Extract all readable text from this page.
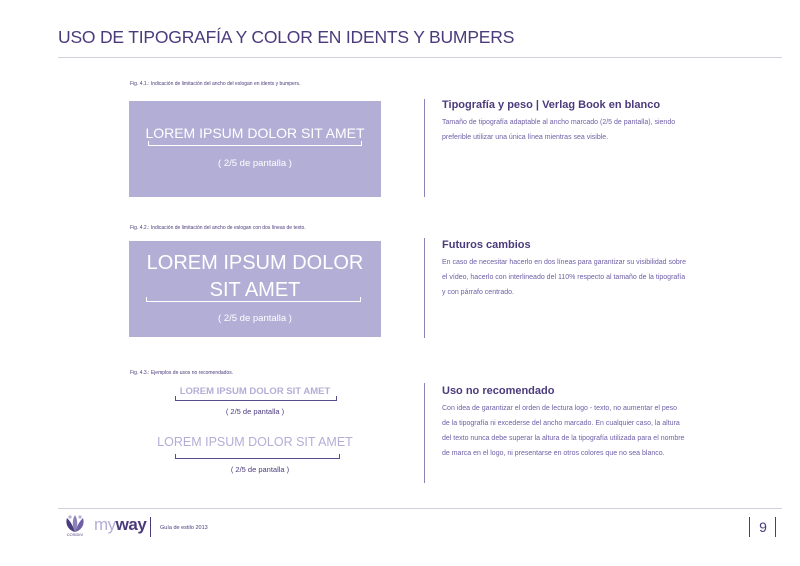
USO DE TIPOGRAFÍA Y COLOR EN IDENTS Y BUMPERS
Fig. 4.1.: Indicación de limitación del ancho del eslogan en idents y bumpers.
LOREM IPSUM DOLOR SIT AMET
( 2/5 de pantalla )
Tipografía y peso | Verlag Book en blanco
Tamaño de tipografía adaptable al ancho marcado (2/5 de pantalla), siendo
preferible utilizar una única línea mientras sea visible.
Fig. 4.2.: Indicación de limitación del ancho de eslogan con dos líneas de texto.
LOREM IPSUM DOLOR
SIT AMET
( 2/5 de pantalla )
Futuros cambios
En caso de necesitar hacerlo en dos líneas para garantizar su visibilidad sobre
el vídeo, hacerlo con interlineado del 110% respecto al tamaño de la tipografía
y con párrafo centrado.
Fig. 4.3.: Ejemplos de usos no recomendados.
LOREM IPSUM DOLOR SIT AMET
( 2/5 de pantalla )
LOREM IPSUM DOLOR SIT AMET
( 2/5 de pantalla )
Uso no recomendado
Con idea de garantizar el orden de lectura logo - texto, no aumentar el peso
de la tipografía ni excederse del ancho marcado. En cualquier caso, la altura
del texto nunca debe superar la altura de la tipografía utilizada para el nombre
de marca en el logo, ni presentarse en otros colores que no sea blanco.
COSIDIV
myway Guía de estilo 2013	9
